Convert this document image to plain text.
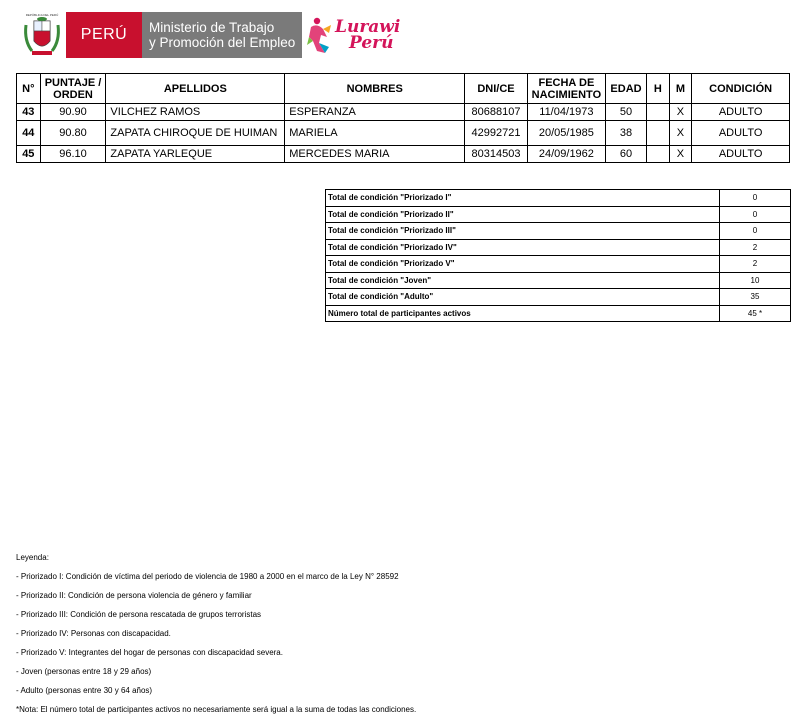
REPÚBLICA DEL PERÚ
PERÚ Ministerio de Trabajo
y Promoción del Empleo
Lurawi
Perú
N°	PUNTAJE / ORDEN	APELLIDOS	NOMBRES	DNI/CE	FECHA DE NACIMIENTO	EDAD	H	M	CONDICIÓN
43	90.90	VILCHEZ RAMOS	ESPERANZA	80688107	11/04/1973	50		X	ADULTO
44	90.80	ZAPATA CHIROQUE DE HUIMAN	MARIELA	42992721	20/05/1985	38		X	ADULTO
45	96.10	ZAPATA YARLEQUE	MERCEDES MARIA	80314503	24/09/1962	60		X	ADULTO
Total de condición "Priorizado I"	0
Total de condición "Priorizado II"	0
Total de condición "Priorizado III"	0
Total de condición "Priorizado IV"	2
Total de condición "Priorizado V"	2
Total de condición "Joven"	10
Total de condición "Adulto"	35
Número total de participantes activos	45 *
Leyenda:
- Priorizado I: Condición de víctima del periodo de violencia de 1980 a 2000 en el marco de la Ley N° 28592
- Priorizado II: Condición de persona violencia de género y familiar
- Priorizado III: Condición de persona rescatada de grupos terroristas
- Priorizado IV: Personas con discapacidad.
- Priorizado V: Integrantes del hogar de personas con discapacidad severa.
- Joven (personas entre 18 y 29 años)
- Adulto (personas entre 30 y 64 años)
*Nota: El número total de participantes activos no necesariamente será igual a la suma de todas las condiciones.
